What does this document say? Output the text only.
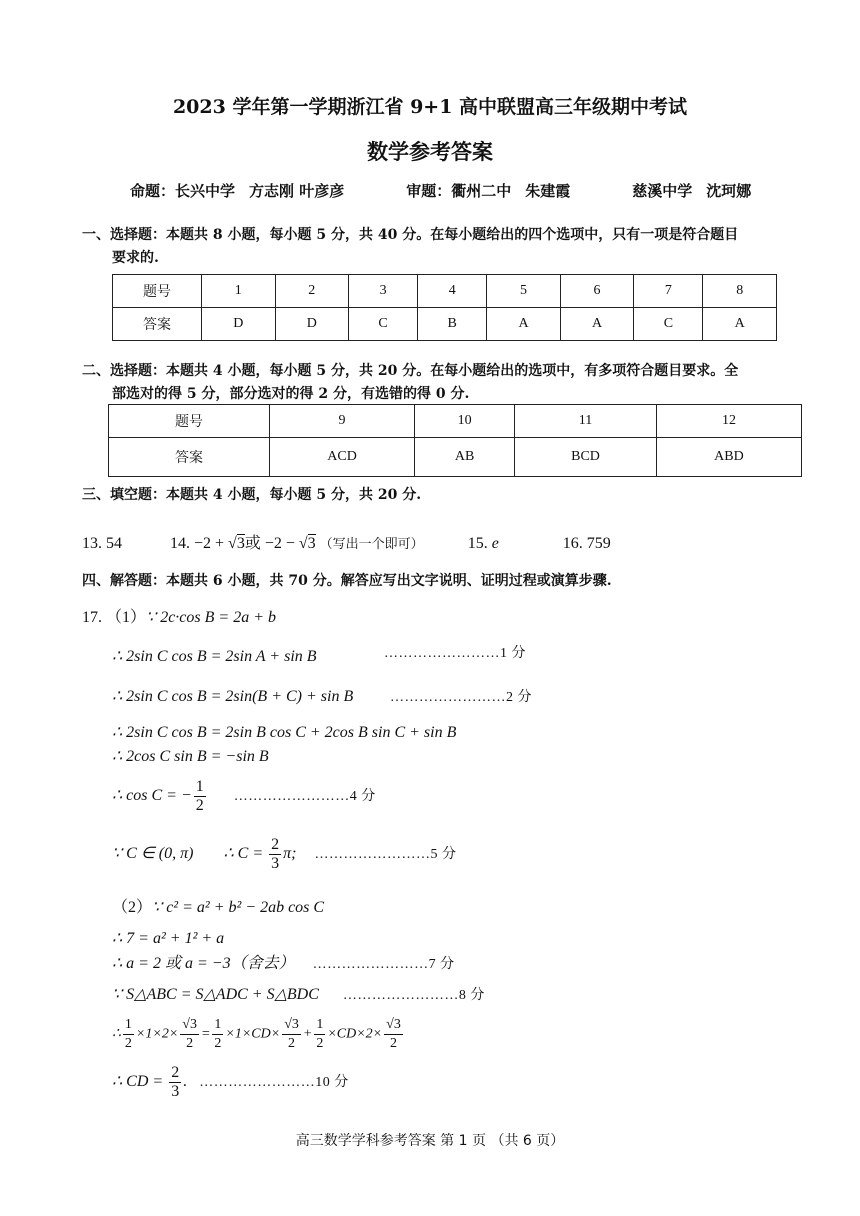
2023 学年第一学期浙江省 9+1 高中联盟高三年级期中考试
数学参考答案
命题：长兴中学 方志刚 叶彦彦	审题：衢州二中 朱建霞	慈溪中学 沈珂娜
一、选择题：本题共 8 小题，每小题 5 分，共 40 分。在每小题给出的四个选项中，只有一项是符合题目
要求的.
题号	1	2	3	4	5	6	7	8
答案	D	D	C	B	A	A	C	A
二、选择题：本题共 4 小题，每小题 5 分，共 20 分。在每小题给出的选项中，有多项符合题目要求。全
部选对的得 5 分，部分选对的得 2 分，有选错的得 0 分.
题号	9	10	11	12
答案	ACD	AB	BCD	ABD
三、填空题：本题共 4 小题，每小题 5 分，共 20 分.
13. 54	14. −2 + √3或 −2 − √3 （写出一个即可）	15. e	16. 759
四、解答题：本题共 6 小题，共 70 分。解答应写出文字说明、证明过程或演算步骤.
17. （1）∵ 2c·cos B = 2a + b
∴ 2sin C cos B = 2sin A + sin B	……………………1 分
∴ 2sin C cos B = 2sin(B + C) + sin B	……………………2 分
∴ 2sin C cos B = 2sin B cos C + 2cos B sin C + sin B
∴ 2cos C sin B = −sin B
∴ cos C = − $\frac{1}{2}$ ……………………4 分
∵ C ∈ (0, π) ∴ $C = \frac{2}{3} \pi$; ……………………5 分
（2）∵ c² = a² + b² − 2ab cos C
∴ 7 = a² + 1² + a
∴ a = 2 或 a = −3（舍去） ……………………7 分
∵ S△ABC = S△ADC + S△BDC ……………………8 分
∴ $\frac{1}{2} \times 1\times 2\times \frac{√3}{2} = \frac{1}{2} \times 1\times CD\times \frac{√3}{2} + \frac{1}{2} \times CD\times 2\times \frac{√3}{2}$
∴ CD = $\frac{2}{3}$ . ……………………10 分
高三数学学科参考答案 第 1 页 （共 6 页）
